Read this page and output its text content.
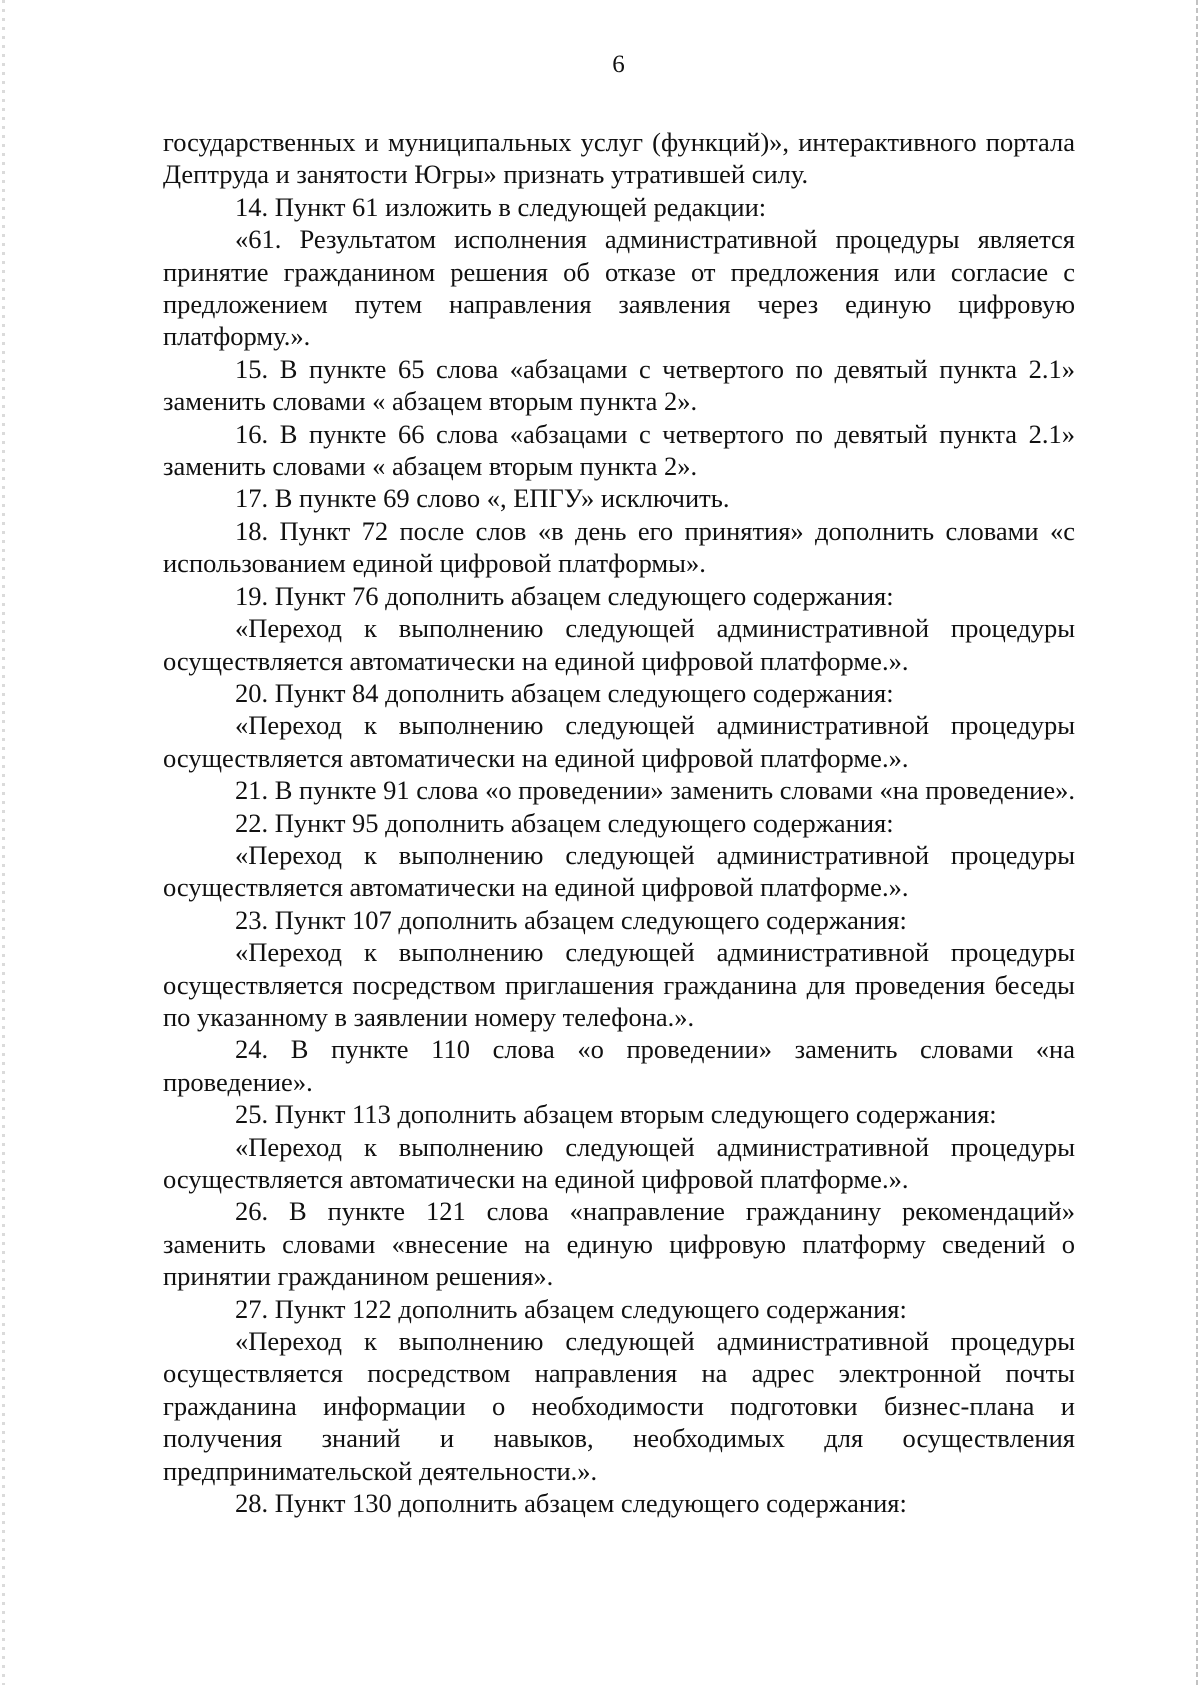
6

государственных и муниципальных услуг (функций)», интерактивного портала Дептруда и занятости Югры» признать утратившей силу.

14. Пункт 61 изложить в следующей редакции:

«61. Результатом исполнения административной процедуры является принятие гражданином решения об отказе от предложения или согласие с предложением путем направления заявления через единую цифровую платформу.».

15. В пункте 65 слова «абзацами с четвертого по девятый пункта 2.1» заменить словами « абзацем вторым пункта 2».

16. В пункте 66 слова «абзацами с четвертого по девятый пункта 2.1» заменить словами « абзацем вторым пункта 2».

17. В пункте 69 слово «, ЕПГУ» исключить.

18. Пункт 72 после слов «в день его принятия» дополнить словами «с использованием единой цифровой платформы».

19. Пункт 76 дополнить абзацем следующего содержания:

«Переход к выполнению следующей административной процедуры осуществляется автоматически на единой цифровой платформе.».

20. Пункт 84 дополнить абзацем следующего содержания:

«Переход к выполнению следующей административной процедуры осуществляется автоматически на единой цифровой платформе.».

21. В пункте 91 слова «о проведении» заменить словами «на проведение».

22. Пункт 95 дополнить абзацем следующего содержания:

«Переход к выполнению следующей административной процедуры осуществляется автоматически на единой цифровой платформе.».

23. Пункт 107 дополнить абзацем следующего содержания:

«Переход к выполнению следующей административной процедуры осуществляется посредством приглашения гражданина для проведения беседы по указанному в заявлении номеру телефона.».

24. В пункте 110 слова «о проведении» заменить словами «на проведение».

25. Пункт 113 дополнить абзацем вторым следующего содержания:

«Переход к выполнению следующей административной процедуры осуществляется автоматически на единой цифровой платформе.».

26. В пункте 121 слова «направление гражданину рекомендаций» заменить словами «внесение на единую цифровую платформу сведений о принятии гражданином решения».

27. Пункт 122 дополнить абзацем следующего содержания:

«Переход к выполнению следующей административной процедуры осуществляется посредством направления на адрес электронной почты гражданина информации о необходимости подготовки бизнес-плана и получения знаний и навыков, необходимых для осуществления предпринимательской деятельности.».

28. Пункт 130 дополнить абзацем следующего содержания:
